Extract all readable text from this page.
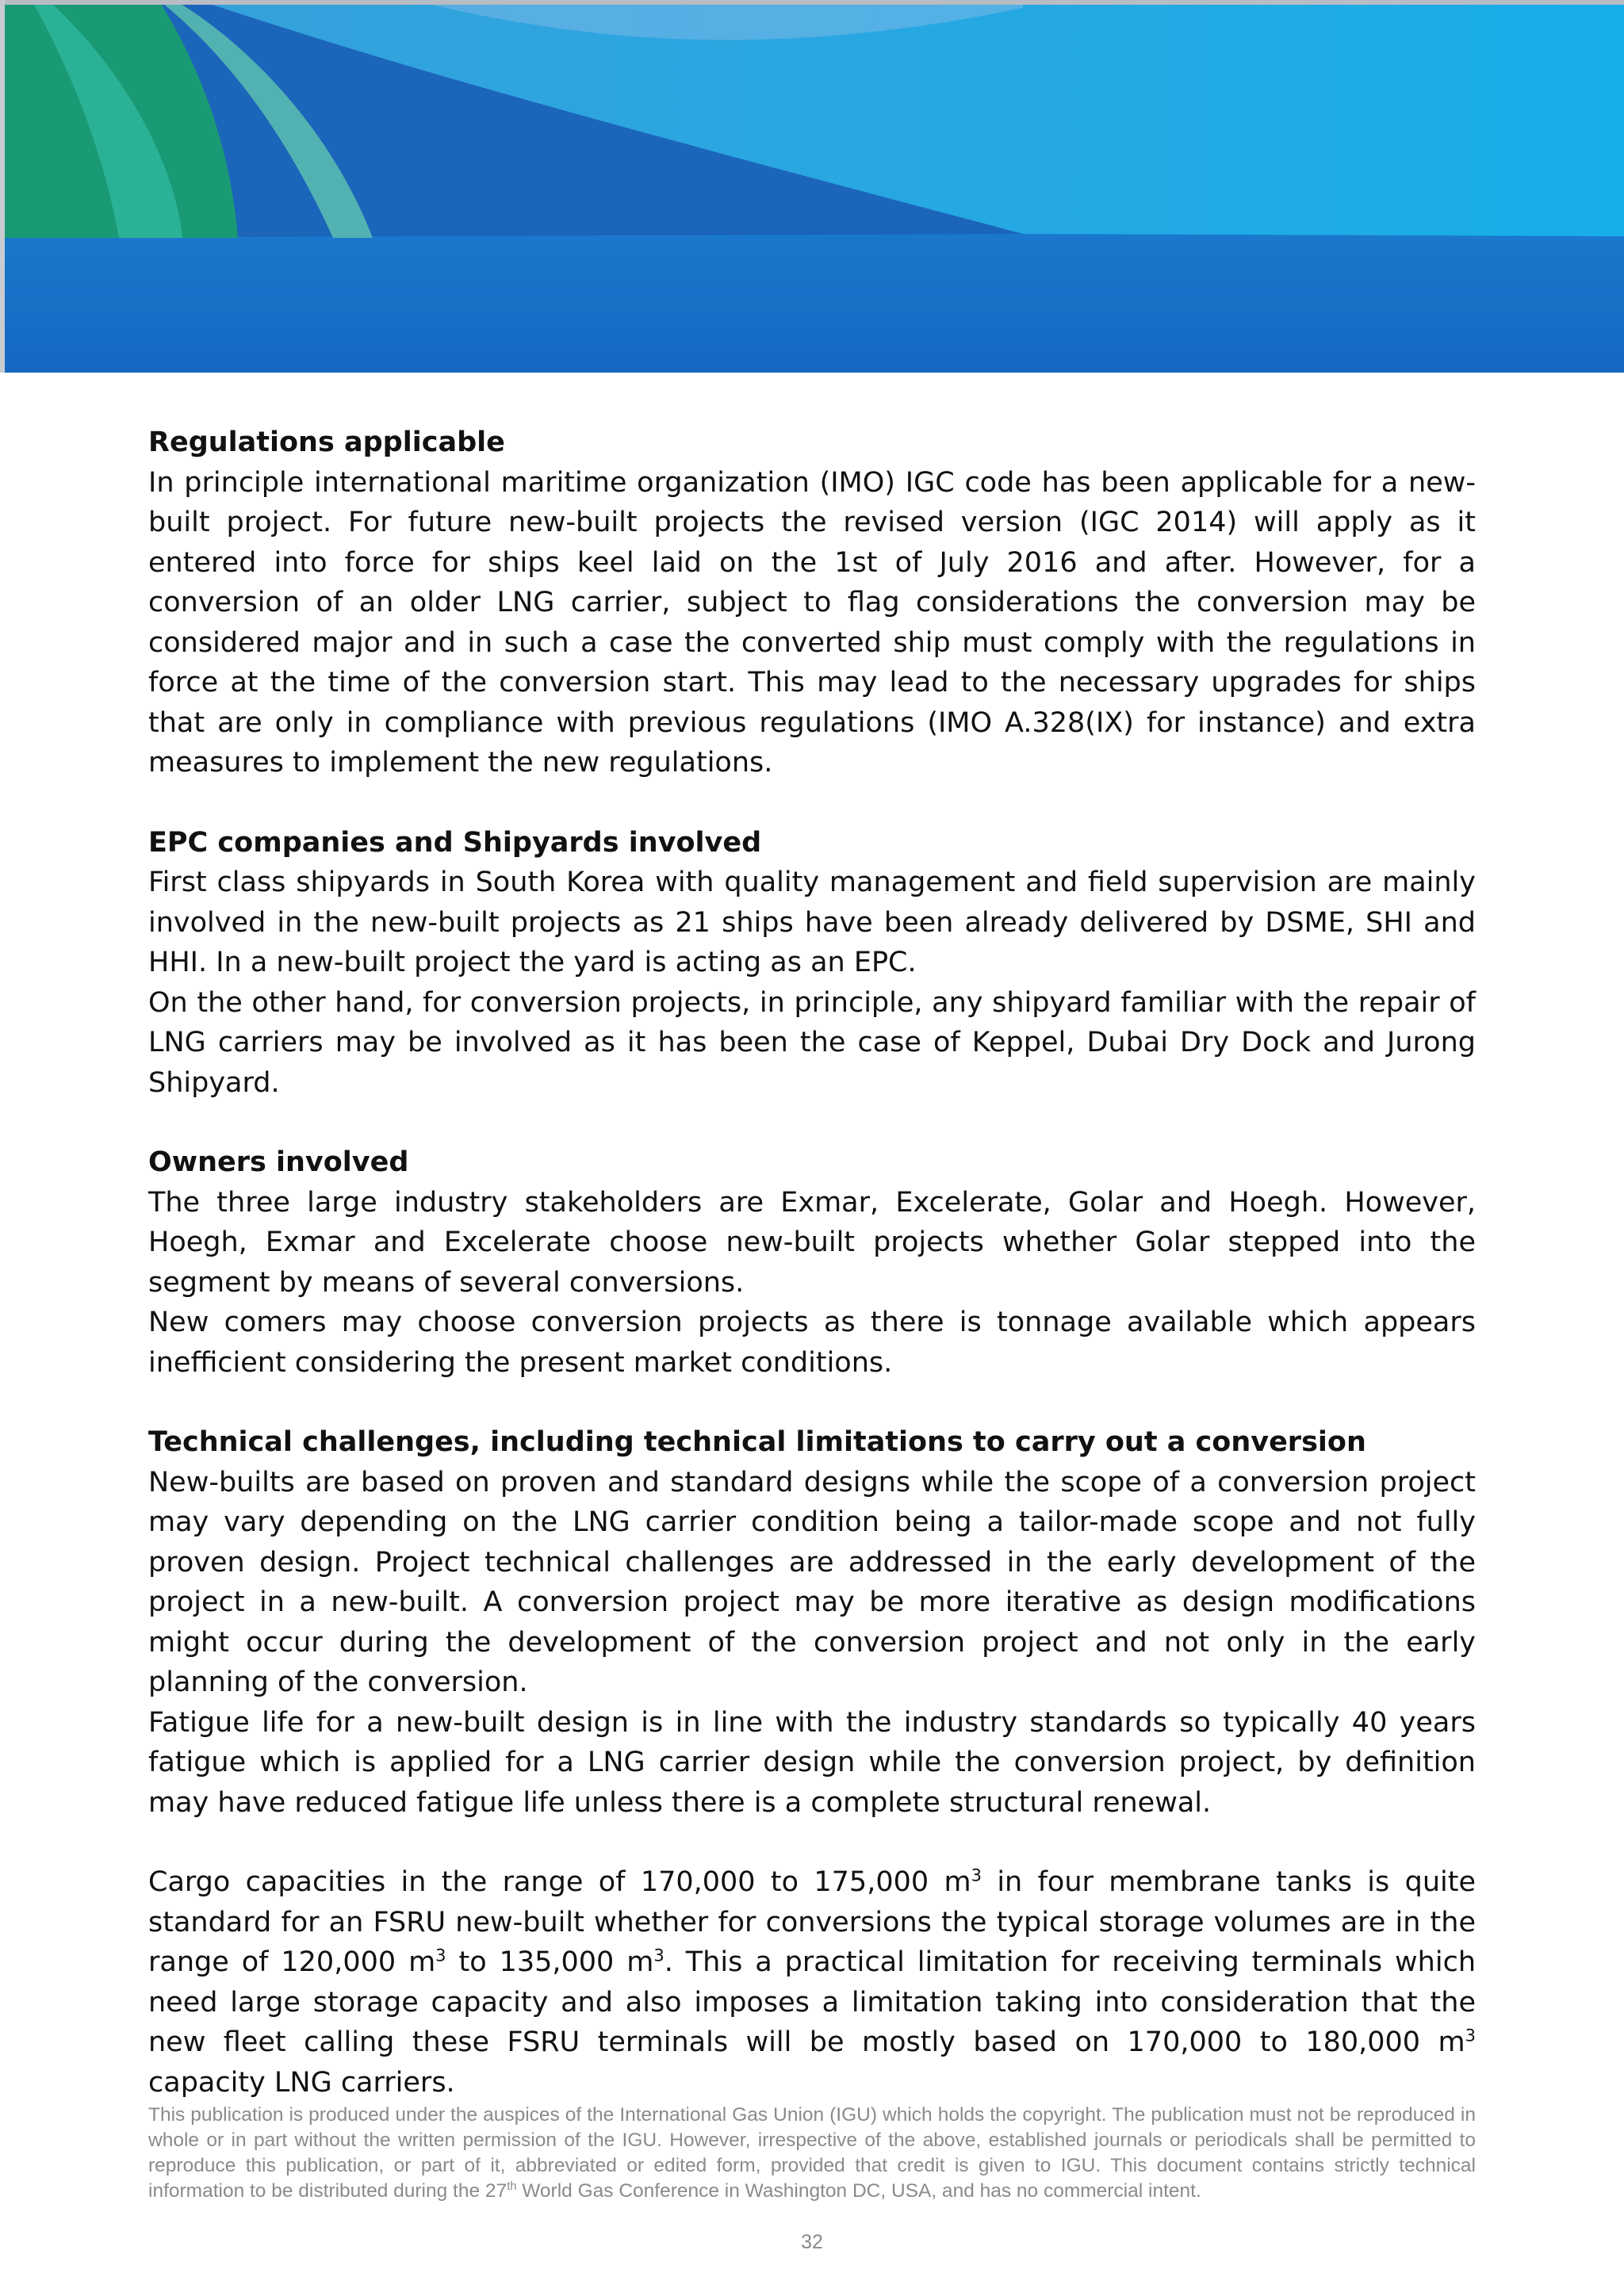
Regulations applicable

In principle international maritime organization (IMO) IGC code has been applicable for a new-built project. For future new-built projects the revised version (IGC 2014) will apply as it entered into force for ships keel laid on the 1st of July 2016 and after. However, for a conversion of an older LNG carrier, subject to flag considerations the conversion may be considered major and in such a case the converted ship must comply with the regulations in force at the time of the conversion start. This may lead to the necessary upgrades for ships that are only in compliance with previous regulations (IMO A.328(IX) for instance) and extra measures to implement the new regulations.

EPC companies and Shipyards involved

First class shipyards in South Korea with quality management and field supervision are mainly involved in the new-built projects as 21 ships have been already delivered by DSME, SHI and HHI. In a new-built project the yard is acting as an EPC.

On the other hand, for conversion projects, in principle, any shipyard familiar with the repair of LNG carriers may be involved as it has been the case of Keppel, Dubai Dry Dock and Jurong Shipyard.

Owners involved

The three large industry stakeholders are Exmar, Excelerate, Golar and Hoegh. However, Hoegh, Exmar and Excelerate choose new-built projects whether Golar stepped into the segment by means of several conversions.

New comers may choose conversion projects as there is tonnage available which appears inefficient considering the present market conditions.

Technical challenges, including technical limitations to carry out a conversion

New-builts are based on proven and standard designs while the scope of a conversion project may vary depending on the LNG carrier condition being a tailor-made scope and not fully proven design. Project technical challenges are addressed in the early development of the project in a new-built. A conversion project may be more iterative as design modifications might occur during the development of the conversion project and not only in the early planning of the conversion.

Fatigue life for a new-built design is in line with the industry standards so typically 40 years fatigue which is applied for a LNG carrier design while the conversion project, by definition may have reduced fatigue life unless there is a complete structural renewal.

Cargo capacities in the range of 170,000 to 175,000 $m^3$ in four membrane tanks is quite standard for an FSRU new-built whether for conversions the typical storage volumes are in the range of 120,000 $m^3$ to 135,000 $m^3$. This a practical limitation for receiving terminals which need large storage capacity and also imposes a limitation taking into consideration that the new fleet calling these FSRU terminals will be mostly based on 170,000 to 180,000 $m^3$ capacity LNG carriers.

This publication is produced under the auspices of the International Gas Union (IGU) which holds the copyright. The publication must not be reproduced in whole or in part without the written permission of the IGU. However, irrespective of the above, established journals or periodicals shall be permitted to reproduce this publication, or part of it, abbreviated or edited form, provided that credit is given to IGU. This document contains strictly technical information to be distributed during the 27th World Gas Conference in Washington DC, USA, and has no commercial intent.
32
